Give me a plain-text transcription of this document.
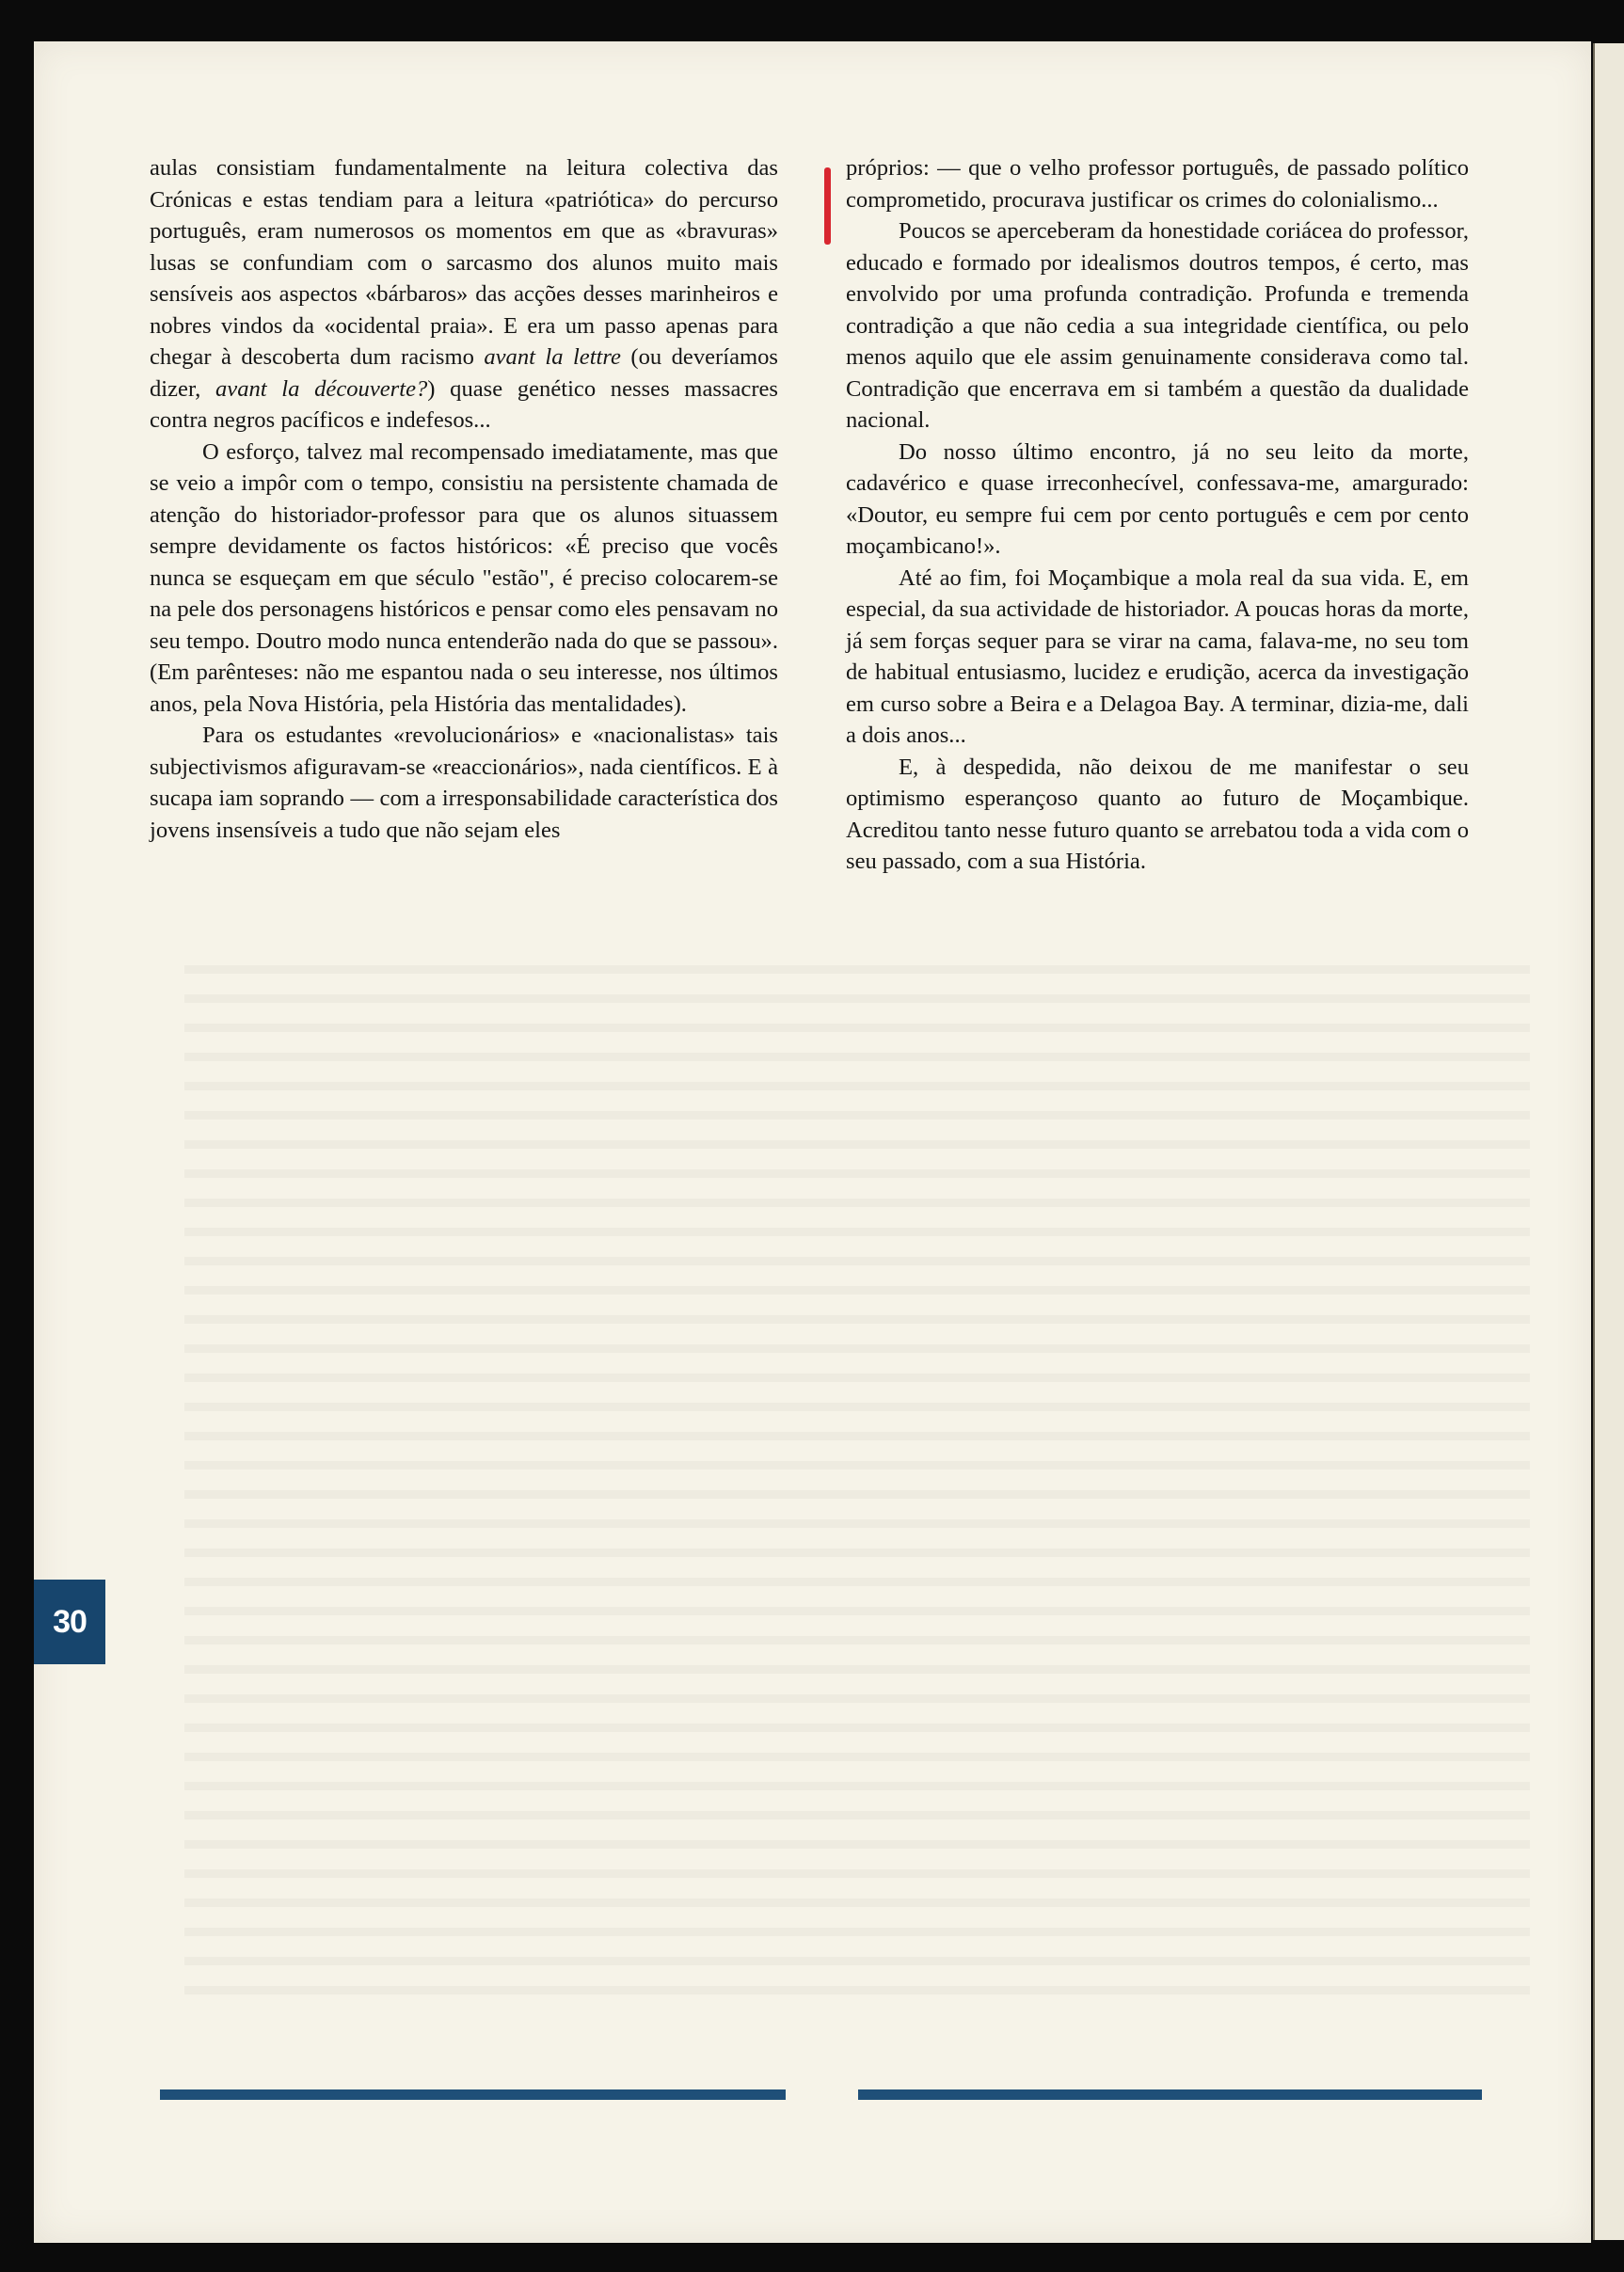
aulas consistiam fundamentalmente na leitura colectiva das Crónicas e estas tendiam para a leitura «patriótica» do percurso português, eram numerosos os momentos em que as «bravuras» lusas se confundiam com o sarcasmo dos alunos muito mais sensíveis aos aspectos «bárbaros» das acções desses marinheiros e nobres vindos da «ocidental praia». E era um passo apenas para chegar à descoberta dum racismo avant la lettre (ou deveríamos dizer, avant la découverte?) quase genético nesses massacres contra negros pacíficos e indefesos...

O esforço, talvez mal recompensado imediatamente, mas que se veio a impôr com o tempo, consistiu na persistente chamada de atenção do historiador-professor para que os alunos situassem sempre devidamente os factos históricos: «É preciso que vocês nunca se esqueçam em que século "estão", é preciso colocarem-se na pele dos personagens históricos e pensar como eles pensavam no seu tempo. Doutro modo nunca entenderão nada do que se passou». (Em parênteses: não me espantou nada o seu interesse, nos últimos anos, pela Nova História, pela História das mentalidades).

Para os estudantes «revolucionários» e «nacionalistas» tais subjectivismos afiguravam-se «reaccionários», nada científicos. E à sucapa iam soprando — com a irresponsabilidade característica dos jovens insensíveis a tudo que não sejam eles

próprios: — que o velho professor português, de passado político comprometido, procurava justificar os crimes do colonialismo...

Poucos se aperceberam da honestidade coriácea do professor, educado e formado por idealismos doutros tempos, é certo, mas envolvido por uma profunda contradição. Profunda e tremenda contradição a que não cedia a sua integridade científica, ou pelo menos aquilo que ele assim genuinamente considerava como tal. Contradição que encerrava em si também a questão da dualidade nacional.

Do nosso último encontro, já no seu leito da morte, cadavérico e quase irreconhecível, confessava-me, amargurado: «Doutor, eu sempre fui cem por cento português e cem por cento moçambicano!».

Até ao fim, foi Moçambique a mola real da sua vida. E, em especial, da sua actividade de historiador. A poucas horas da morte, já sem forças sequer para se virar na cama, falava-me, no seu tom de habitual entusiasmo, lucidez e erudição, acerca da investigação em curso sobre a Beira e a Delagoa Bay. A terminar, dizia-me, dali a dois anos...

E, à despedida, não deixou de me manifestar o seu optimismo esperançoso quanto ao futuro de Moçambique. Acreditou tanto nesse futuro quanto se arrebatou toda a vida com o seu passado, com a sua História.

30
